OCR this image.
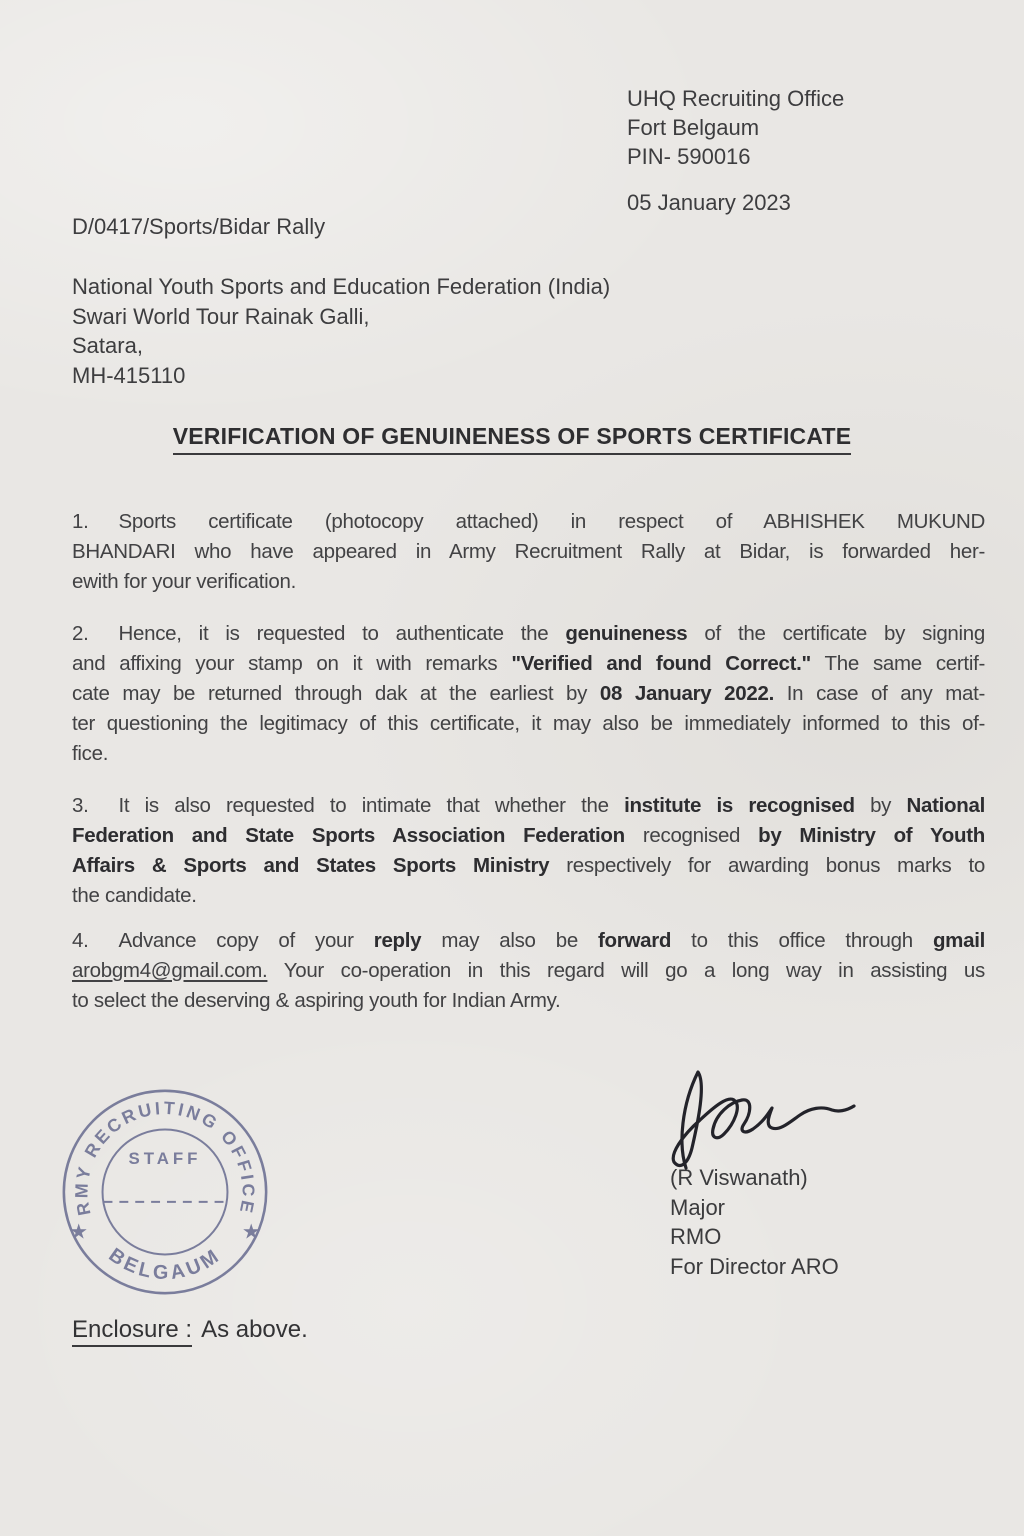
UHQ Recruiting Office
Fort Belgaum
PIN- 590016
05 January 2023
D/0417/Sports/Bidar Rally
National Youth Sports and Education Federation (India)
Swari World Tour Rainak Galli,
Satara,
MH-415110
VERIFICATION OF GENUINENESS OF SPORTS CERTIFICATE
1. Sports certificate (photocopy attached) in respect of ABHISHEK MUKUND
BHANDARI who have appeared in Army Recruitment Rally at Bidar, is forwarded her-
ewith for your verification.
2. Hence, it is requested to authenticate the genuineness of the certificate by signing
and affixing your stamp on it with remarks "Verified and found Correct." The same certif-
cate may be returned through dak at the earliest by 08 January 2022. In case of any mat-
ter questioning the legitimacy of this certificate, it may also be immediately informed to this of-
fice.
3. It is also requested to intimate that whether the institute is recognised by National
Federation and State Sports Association Federation recognised by Ministry of Youth
Affairs & Sports and States Sports Ministry respectively for awarding bonus marks to
the candidate.
4. Advance copy of your reply may also be forward to this office through gmail
arobgm4@gmail.com. Your co-operation in this regard will go a long way in assisting us
to select the deserving & aspiring youth for Indian Army.
RMY RECRUITING OFFICE
BELGAUM
STAFF
★	★
(R Viswanath)
Major
RMO
For Director ARO
Enclosure : As above.
